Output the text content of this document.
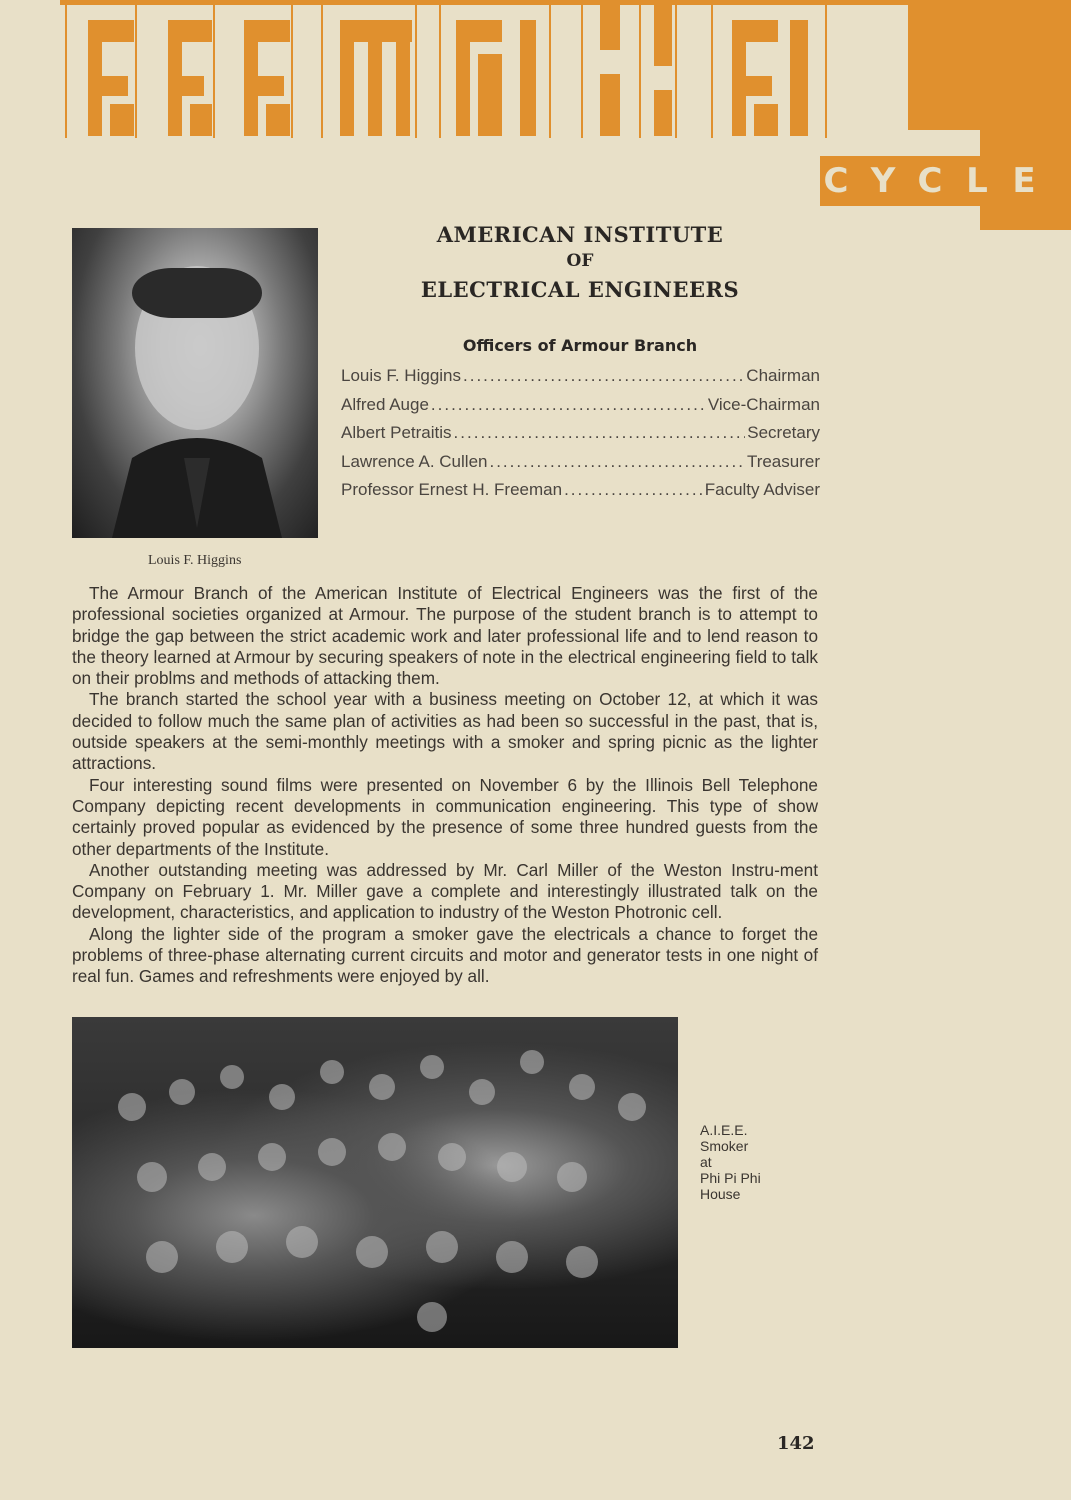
C Y C L E
Louis F. Higgins
AMERICAN INSTITUTE
OF
ELECTRICAL ENGINEERS
Officers of Armour Branch
Louis F. Higgins .....	Chairman
Alfred Auge .....	Vice-Chairman
Albert Petraitis .....	Secretary
Lawrence A. Cullen .....	Treasurer
Professor Ernest H. Freeman .....	Faculty Adviser

The Armour Branch of the American Institute of Electrical Engineers was the first of the professional societies organized at Armour. The purpose of the student branch is to attempt to bridge the gap between the strict academic work and later professional life and to lend reason to the theory learned at Armour by securing speakers of note in the electrical engineering field to talk on their problms and methods of attacking them.

The branch started the school year with a business meeting on October 12, at which it was decided to follow much the same plan of activities as had been so successful in the past, that is, outside speakers at the semi-monthly meetings with a smoker and spring picnic as the lighter attractions.

Four interesting sound films were presented on November 6 by the Illinois Bell Telephone Company depicting recent developments in communication engineering. This type of show certainly proved popular as evidenced by the presence of some three hundred guests from the other departments of the Institute.

Another outstanding meeting was addressed by Mr. Carl Miller of the Weston Instru-ment Company on February 1. Mr. Miller gave a complete and interestingly illustrated talk on the development, characteristics, and application to industry of the Weston Photronic cell.

Along the lighter side of the program a smoker gave the electricals a chance to forget the problems of three-phase alternating current circuits and motor and generator tests in one night of real fun. Games and refreshments were enjoyed by all.

A.I.E.E.
Smoker
at
Phi Pi Phi
House
142
